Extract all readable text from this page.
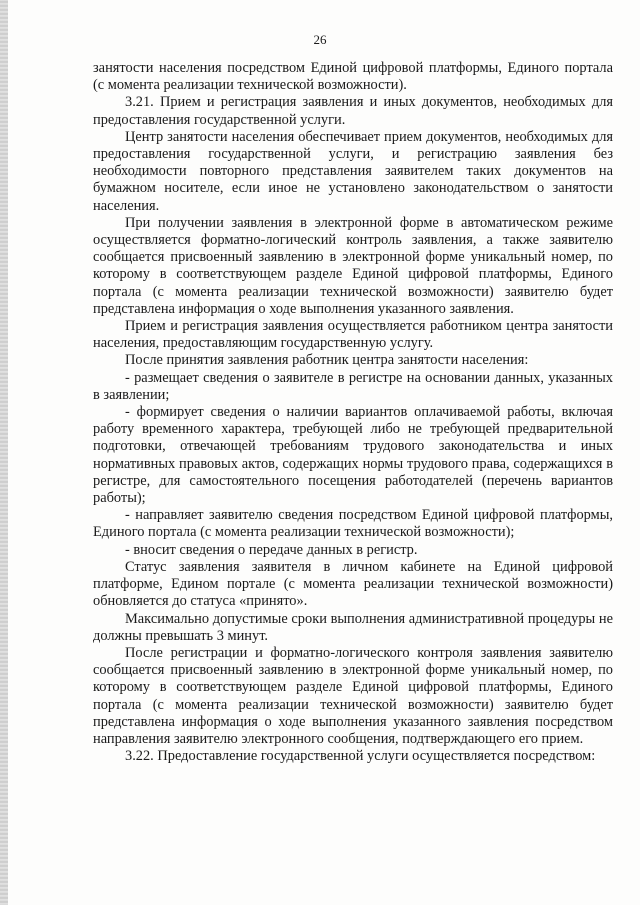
26

занятости населения посредством Единой цифровой платформы, Единого портала (с момента реализации технической возможности).

3.21. Прием и регистрация заявления и иных документов, необходимых для предоставления государственной услуги.

Центр занятости населения обеспечивает прием документов, необходимых для предоставления государственной услуги, и регистрацию заявления без необходимости повторного представления заявителем таких документов на бумажном носителе, если иное не установлено законодательством о занятости населения.

При получении заявления в электронной форме в автоматическом режиме осуществляется форматно-логический контроль заявления, а также заявителю сообщается присвоенный заявлению в электронной форме уникальный номер, по которому в соответствующем разделе Единой цифровой платформы, Единого портала (с момента реализации технической возможности) заявителю будет представлена информация о ходе выполнения указанного заявления.

Прием и регистрация заявления осуществляется работником центра занятости населения, предоставляющим государственную услугу.

После принятия заявления работник центра занятости населения:

- размещает сведения о заявителе в регистре на основании данных, указанных в заявлении;

- формирует сведения о наличии вариантов оплачиваемой работы, включая работу временного характера, требующей либо не требующей предварительной подготовки, отвечающей требованиям трудового законодательства и иных нормативных правовых актов, содержащих нормы трудового права, содержащихся в регистре, для самостоятельного посещения работодателей (перечень вариантов работы);

- направляет заявителю сведения посредством Единой цифровой платформы, Единого портала (с момента реализации технической возможности);

- вносит сведения о передаче данных в регистр.

Статус заявления заявителя в личном кабинете на Единой цифровой платформе, Едином портале (с момента реализации технической возможности) обновляется до статуса «принято».

Максимально допустимые сроки выполнения административной процедуры не должны превышать 3 минут.

После регистрации и форматно-логического контроля заявления заявителю сообщается присвоенный заявлению в электронной форме уникальный номер, по которому в соответствующем разделе Единой цифровой платформы, Единого портала (с момента реализации технической возможности) заявителю будет представлена информация о ходе выполнения указанного заявления посредством направления заявителю электронного сообщения, подтверждающего его прием.

3.22. Предоставление государственной услуги осуществляется посредством:
